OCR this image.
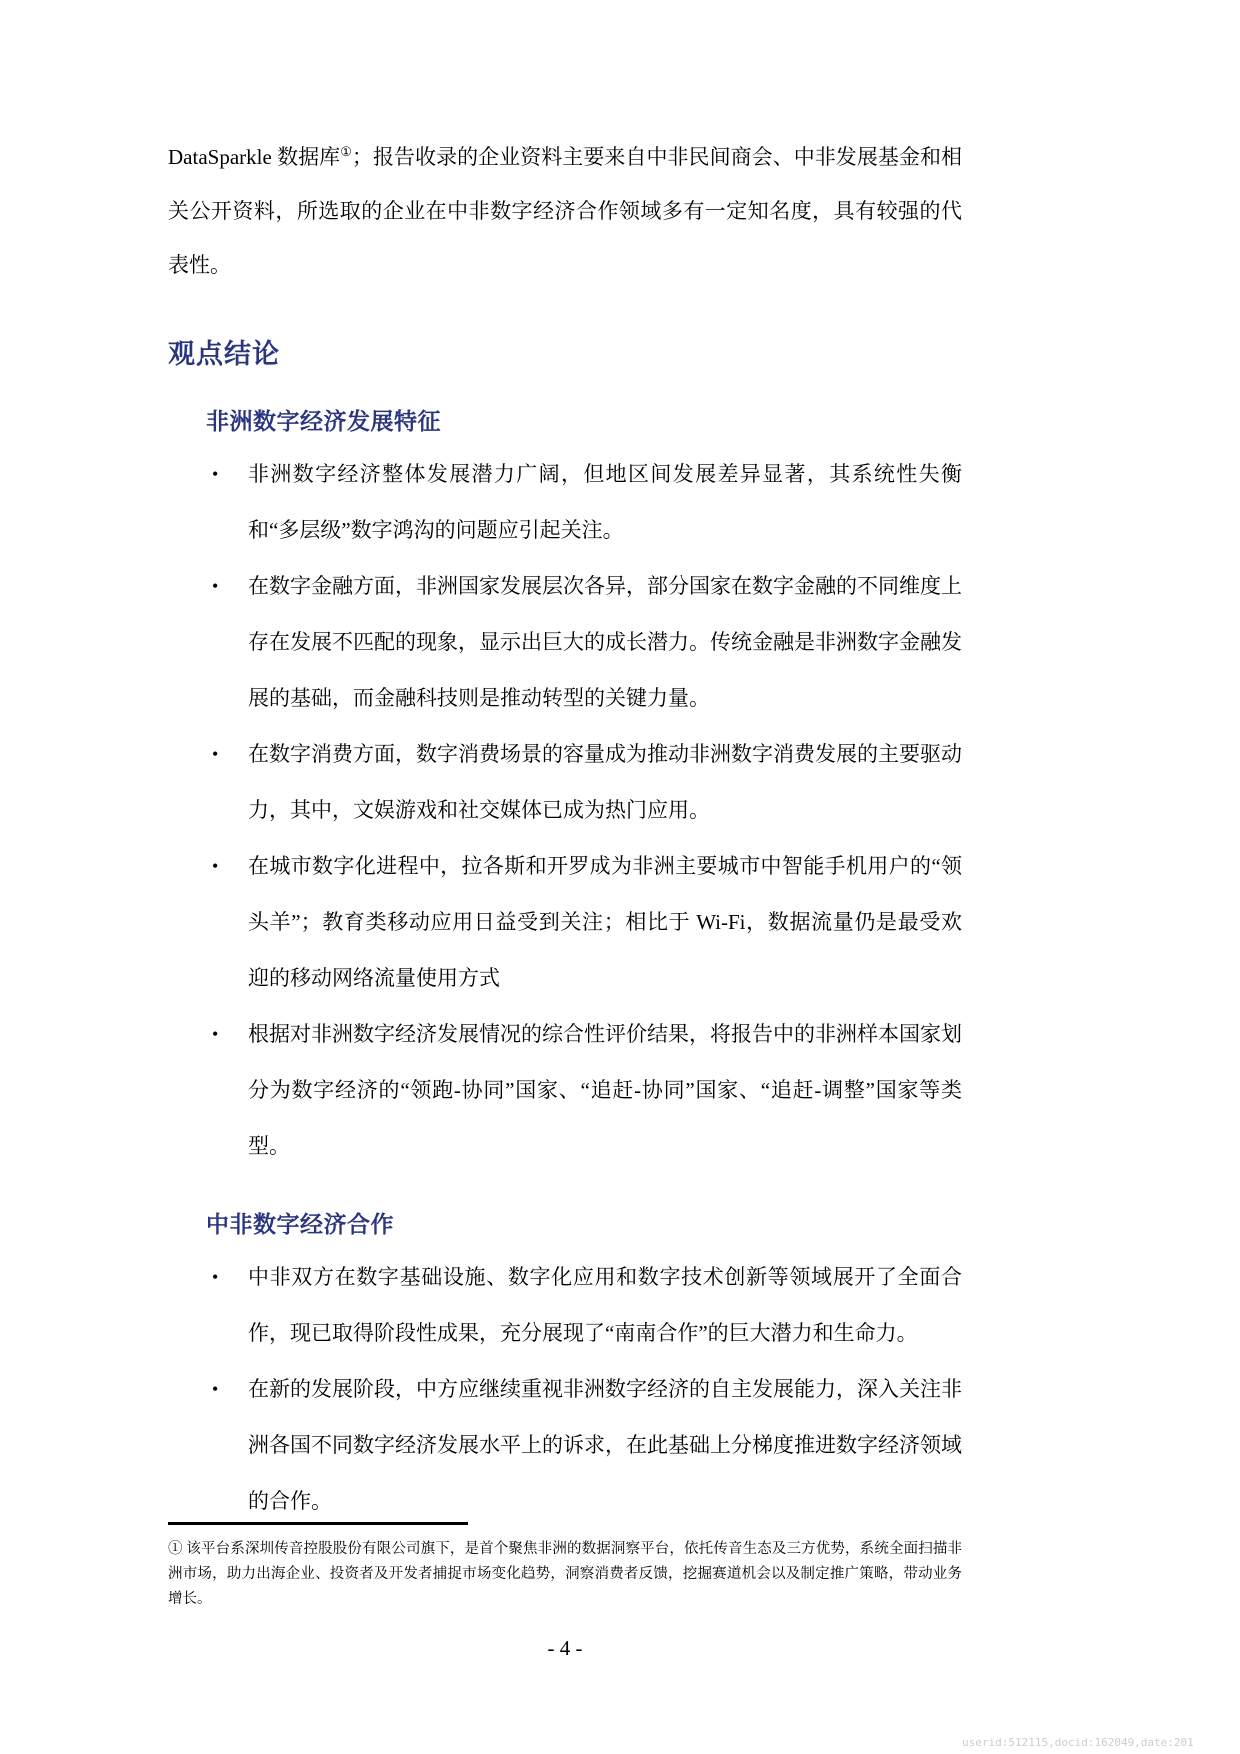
DataSparkle 数据库①；报告收录的企业资料主要来自中非民间商会、中非发展基金和相关公开资料，所选取的企业在中非数字经济合作领域多有一定知名度，具有较强的代表性。

观点结论
非洲数字经济发展特征
• 非洲数字经济整体发展潜力广阔，但地区间发展差异显著，其系统性失衡和“多层级”数字鸿沟的问题应引起关注。
• 在数字金融方面，非洲国家发展层次各异，部分国家在数字金融的不同维度上存在发展不匹配的现象，显示出巨大的成长潜力。传统金融是非洲数字金融发展的基础，而金融科技则是推动转型的关键力量。
• 在数字消费方面，数字消费场景的容量成为推动非洲数字消费发展的主要驱动力，其中，文娱游戏和社交媒体已成为热门应用。
• 在城市数字化进程中，拉各斯和开罗成为非洲主要城市中智能手机用户的“领头羊”；教育类移动应用日益受到关注；相比于 Wi-Fi，数据流量仍是最受欢迎的移动网络流量使用方式
• 根据对非洲数字经济发展情况的综合性评价结果，将报告中的非洲样本国家划分为数字经济的“领跑-协同”国家、“追赶-协同”国家、“追赶-调整”国家等类型。
中非数字经济合作
• 中非双方在数字基础设施、数字化应用和数字技术创新等领域展开了全面合作，现已取得阶段性成果，充分展现了“南南合作”的巨大潜力和生命力。
• 在新的发展阶段，中方应继续重视非洲数字经济的自主发展能力，深入关注非洲各国不同数字经济发展水平上的诉求，在此基础上分梯度推进数字经济领域的合作。
① 该平台系深圳传音控股股份有限公司旗下，是首个聚焦非洲的数据洞察平台，依托传音生态及三方优势，系统全面扫描非洲市场，助力出海企业、投资者及开发者捕捉市场变化趋势，洞察消费者反馈，挖掘赛道机会以及制定推广策略，带动业务增长。
- 4 -
userid:512115,docid:162049,date:201
